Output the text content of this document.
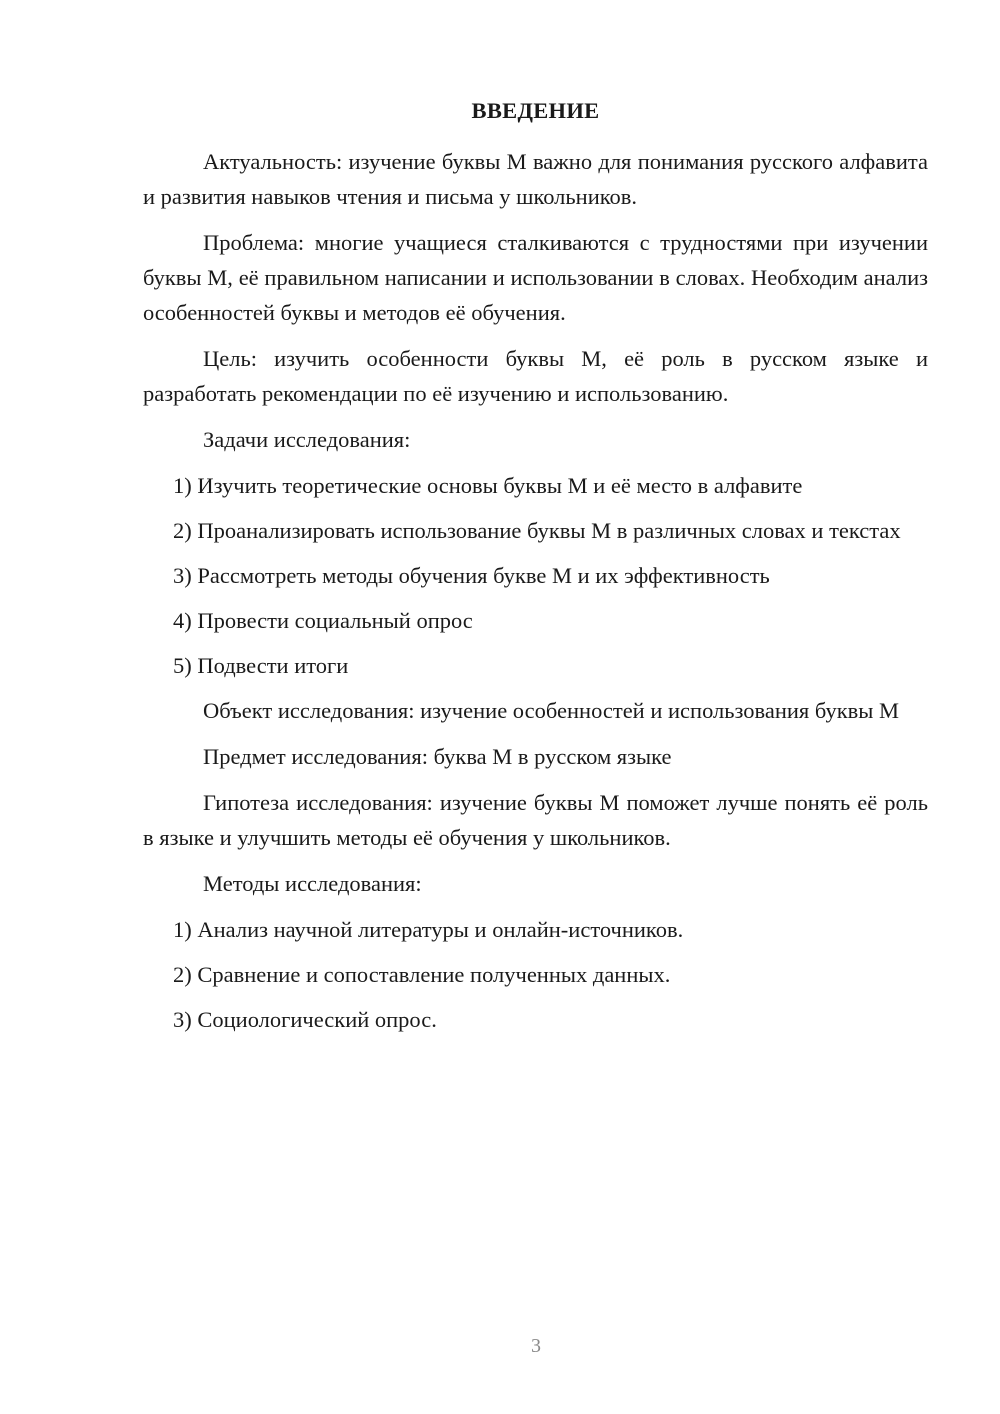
ВВЕДЕНИЕ

Актуальность: изучение буквы М важно для понимания русского алфавита и развития навыков чтения и письма у школьников.

Проблема: многие учащиеся сталкиваются с трудностями при изучении буквы М, её правильном написании и использовании в словах. Необходим анализ особенностей буквы и методов её обучения.

Цель: изучить особенности буквы М, её роль в русском языке и разработать рекомендации по её изучению и использованию.

Задачи исследования:

1) Изучить теоретические основы буквы М и её место в алфавите

2) Проанализировать использование буквы М в различных словах и текстах

3) Рассмотреть методы обучения букве М и их эффективность

4) Провести социальный опрос

5) Подвести итоги

Объект исследования: изучение особенностей и использования буквы М

Предмет исследования: буква М в русском языке

Гипотеза исследования: изучение буквы М поможет лучше понять её роль в языке и улучшить методы её обучения у школьников.

Методы исследования:

1) Анализ научной литературы и онлайн-источников.

2) Сравнение и сопоставление полученных данных.

3) Социологический опрос.

3
